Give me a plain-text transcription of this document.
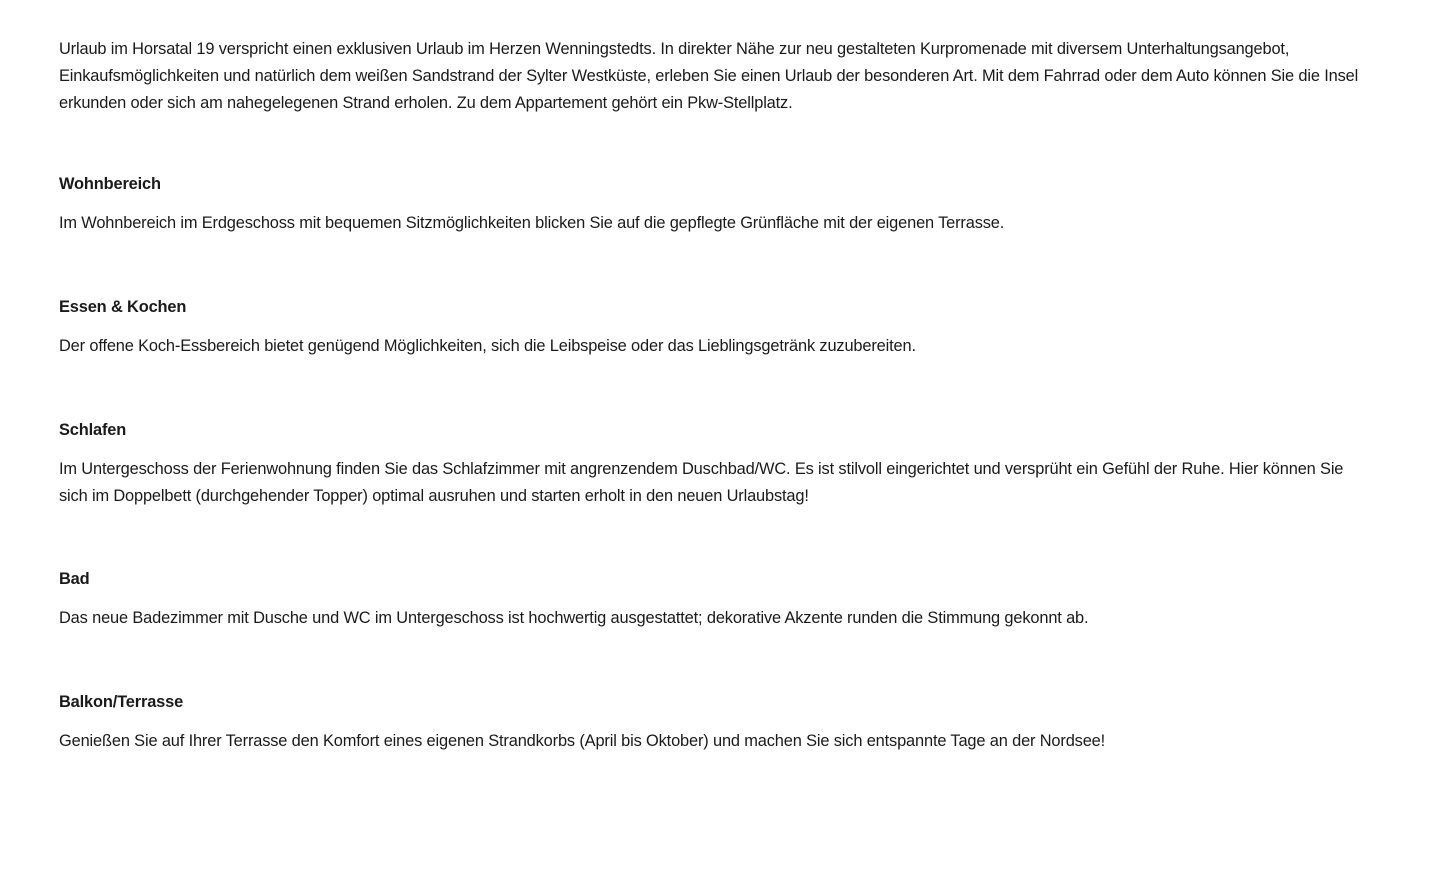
Urlaub im Horsatal 19 verspricht einen exklusiven Urlaub im Herzen Wenningstedts. In direkter Nähe zur neu gestalteten Kurpromenade mit diversem Unterhaltungsangebot, Einkaufsmöglichkeiten und natürlich dem weißen Sandstrand der Sylter Westküste, erleben Sie einen Urlaub der besonderen Art. Mit dem Fahrrad oder dem Auto können Sie die Insel erkunden oder sich am nahegelegenen Strand erholen. Zu dem Appartement gehört ein Pkw-Stellplatz.

Wohnbereich

Im Wohnbereich im Erdgeschoss mit bequemen Sitzmöglichkeiten blicken Sie auf die gepflegte Grünfläche mit der eigenen Terrasse.

Essen & Kochen

Der offene Koch-Essbereich bietet genügend Möglichkeiten, sich die Leibspeise oder das Lieblingsgetränk zuzubereiten.

Schlafen

Im Untergeschoss der Ferienwohnung finden Sie das Schlafzimmer mit angrenzendem Duschbad/WC. Es ist stilvoll eingerichtet und versprüht ein Gefühl der Ruhe. Hier können Sie sich im Doppelbett (durchgehender Topper) optimal ausruhen und starten erholt in den neuen Urlaubstag!

Bad

Das neue Badezimmer mit Dusche und WC im Untergeschoss ist hochwertig ausgestattet; dekorative Akzente runden die Stimmung gekonnt ab.

Balkon/Terrasse

Genießen Sie auf Ihrer Terrasse den Komfort eines eigenen Strandkorbs (April bis Oktober) und machen Sie sich entspannte Tage an der Nordsee!
